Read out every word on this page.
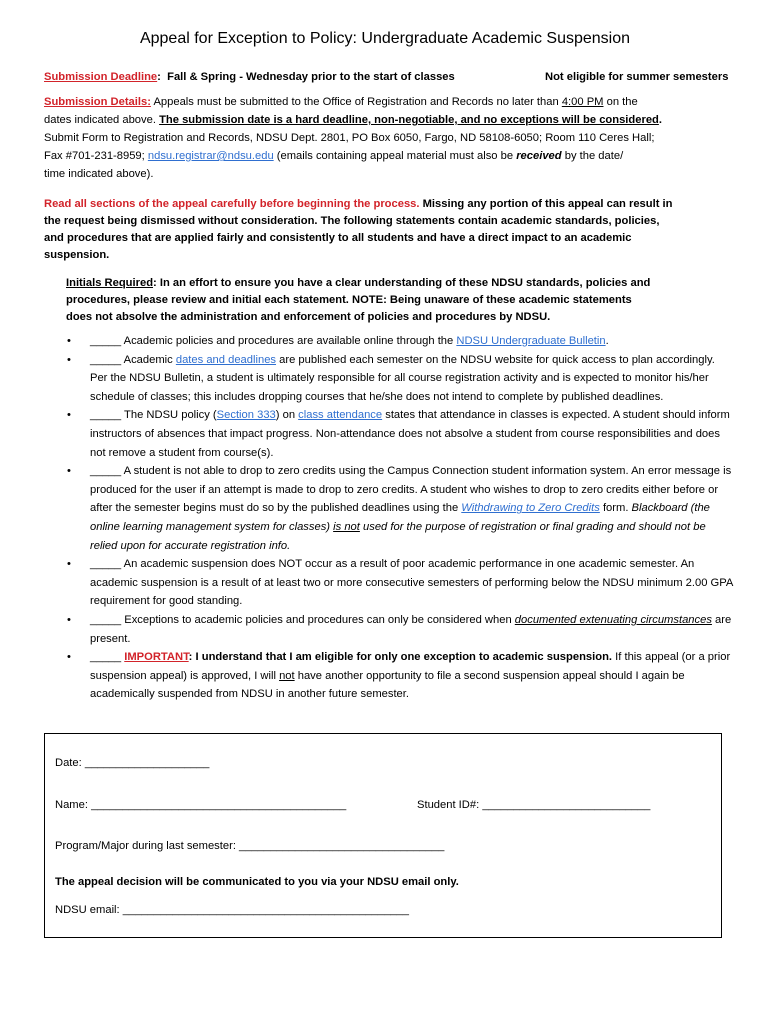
Appeal for Exception to Policy: Undergraduate Academic Suspension
Submission Deadline: Fall & Spring - Wednesday prior to the start of classes	Not eligible for summer semesters
Submission Details: Appeals must be submitted to the Office of Registration and Records no later than 4:00 PM on the
dates indicated above. The submission date is a hard deadline, non-negotiable, and no exceptions will be considered.
Submit Form to Registration and Records, NDSU Dept. 2801, PO Box 6050, Fargo, ND 58108-6050; Room 110 Ceres Hall;
Fax #701-231-8959; ndsu.registrar@ndsu.edu (emails containing appeal material must also be received by the date/
time indicated above).
Read all sections of the appeal carefully before beginning the process. Missing any portion of this appeal can result in
the request being dismissed without consideration. The following statements contain academic standards, policies,
and procedures that are applied fairly and consistently to all students and have a direct impact to an academic
suspension.
Initials Required: In an effort to ensure you have a clear understanding of these NDSU standards, policies and
procedures, please review and initial each statement. NOTE: Being unaware of these academic statements
does not absolve the administration and enforcement of policies and procedures by NDSU.
• _____ Academic policies and procedures are available online through the NDSU Undergraduate Bulletin.
• _____ Academic dates and deadlines are published each semester on the NDSU website for quick access to plan accordingly. Per the NDSU Bulletin, a student is ultimately responsible for all course registration activity and is expected to monitor his/her schedule of classes; this includes dropping courses that he/she does not intend to complete by published deadlines.
• _____ The NDSU policy (Section 333) on class attendance states that attendance in classes is expected. A student should inform instructors of absences that impact progress. Non-attendance does not absolve a student from course responsibilities and does not remove a student from course(s).
• _____ A student is not able to drop to zero credits using the Campus Connection student information system. An error message is produced for the user if an attempt is made to drop to zero credits. A student who wishes to drop to zero credits either before or after the semester begins must do so by the published deadlines using the Withdrawing to Zero Credits form. Blackboard (the online learning management system for classes) is not used for the purpose of registration or final grading and should not be relied upon for accurate registration info.
• _____ An academic suspension does NOT occur as a result of poor academic performance in one academic semester. An academic suspension is a result of at least two or more consecutive semesters of performing below the NDSU minimum 2.00 GPA requirement for good standing.
• _____ Exceptions to academic policies and procedures can only be considered when documented extenuating circumstances are present.
• _____ IMPORTANT: I understand that I am eligible for only one exception to academic suspension. If this appeal (or a prior suspension appeal) is approved, I will not have another opportunity to file a second suspension appeal should I again be academically suspended from NDSU in another future semester.
Date: ____________________
Name: _________________________________________	Student ID#: ___________________________
Program/Major during last semester: _________________________________
The appeal decision will be communicated to you via your NDSU email only.
NDSU email: ______________________________________________
